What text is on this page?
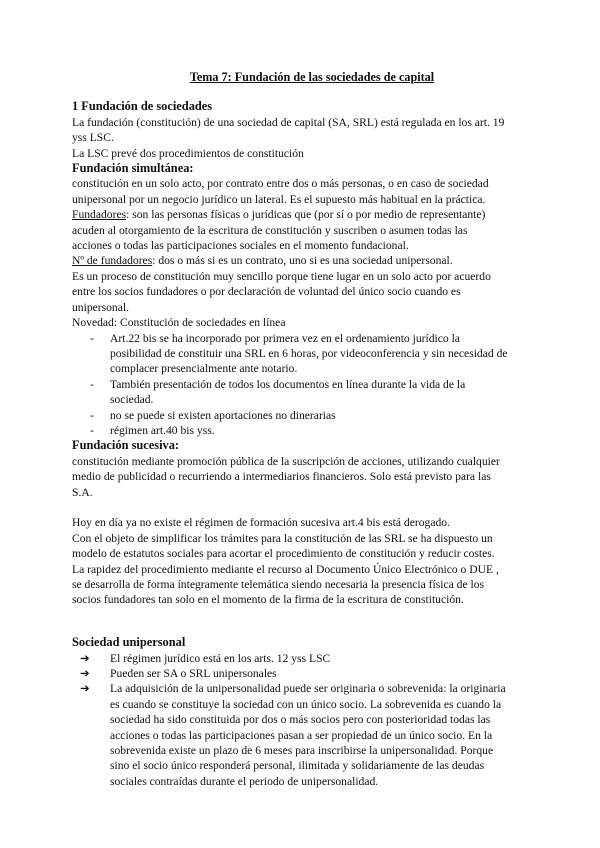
Tema 7: Fundación de las sociedades de capital
1 Fundación de sociedades
La fundación (constitución) de una sociedad de capital (SA, SRL) está regulada en los art. 19
yss LSC.
La LSC prevé dos procedimientos de constitución
Fundación simultánea:
constitución en un solo acto, por contrato entre dos o más personas, o en caso de sociedad
unipersonal por un negocio jurídico un lateral. Es el supuesto más habitual en la práctica.
Fundadores: son las personas físicas o jurídicas que (por sí o por medio de representante)
acuden al otorgamiento de la escritura de constitución y suscriben o asumen todas las
acciones o todas las participaciones sociales en el momento fundacional.
Nº de fundadores: dos o más si es un contrato, uno si es una sociedad unipersonal.
Es un proceso de constitución muy sencillo porque tiene lugar en un solo acto por acuerdo
entre los socios fundadores o por declaración de voluntad del único socio cuando es
unipersonal.
Novedad: Constitución de sociedades en línea
- Art.22 bis se ha incorporado por primera vez en el ordenamiento jurídico la
posibilidad de constituir una SRL en 6 horas, por videoconferencia y sin necesidad de
complacer presencialmente ante notario.
- También presentación de todos los documentos en línea durante la vida de la
sociedad.
- no se puede si existen aportaciones no dinerarias
- régimen art.40 bis yss.
Fundación sucesiva:
constitución mediante promoción pública de la suscripción de acciones, utilizando cualquier
medio de publicidad o recurriendo a intermediarios financieros. Solo está previsto para las
S.A.
Hoy en día ya no existe el régimen de formación sucesiva art.4 bis está derogado.
Con el objeto de simplificar los trámites para la constitución de las SRL se ha dispuesto un
modelo de estatutos sociales para acortar el procedimiento de constitución y reducir costes.
La rapidez del procedimiento mediante el recurso al Documento Único Electrónico o DUE ,
se desarrolla de forma íntegramente telemática siendo necesaria la presencia física de los
socios fundadores tan solo en el momento de la firma de la escritura de constitución.
Sociedad unipersonal
➔ El régimen jurídico está en los arts. 12 yss LSC
➔ Pueden ser SA o SRL unipersonales
➔ La adquisición de la unipersonalidad puede ser originaria o sobrevenida: la originaria
es cuando se constituye la sociedad con un único socio. La sobrevenida es cuando la
sociedad ha sido constituida por dos o más socios pero con posterioridad todas las
acciones o todas las participaciones pasan a ser propiedad de un único socio. En la
sobrevenida existe un plazo de 6 meses para inscribirse la unipersonalidad. Porque
sino el socio único responderá personal, ilimitada y solidariamente de las deudas
sociales contraídas durante el periodo de unipersonalidad.
